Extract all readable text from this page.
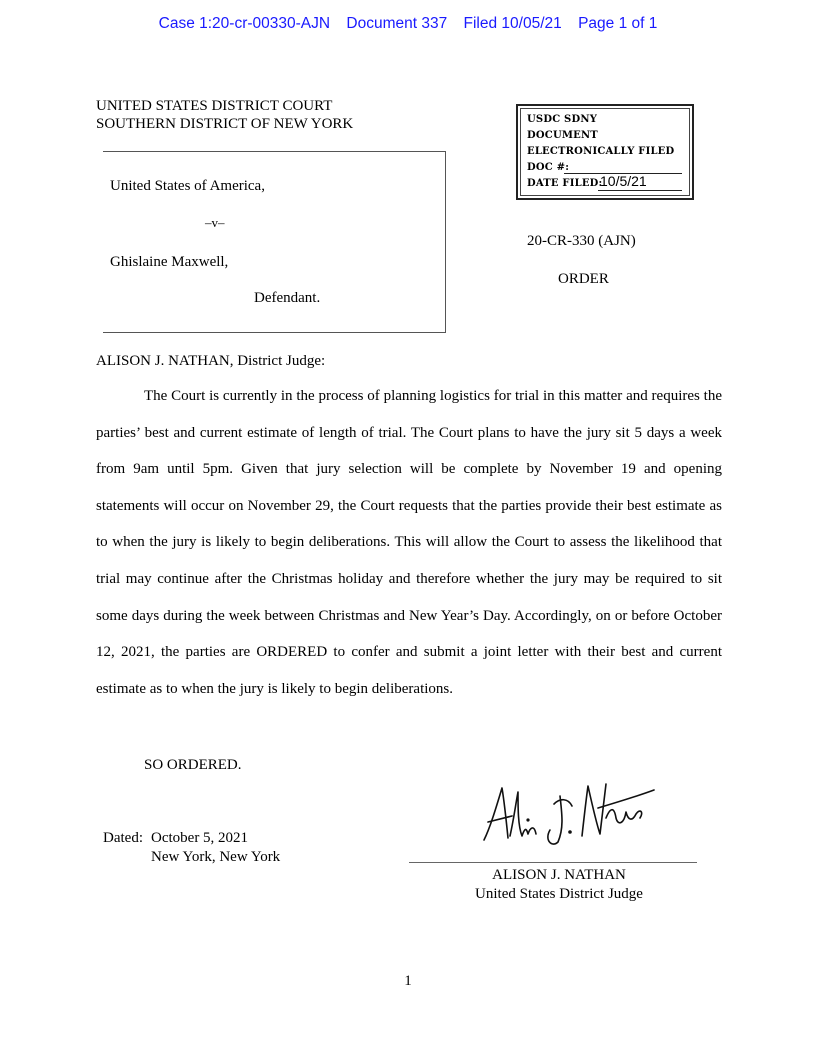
Case 1:20-cr-00330-AJN Document 337 Filed 10/05/21 Page 1 of 1
UNITED STATES DISTRICT COURT
SOUTHERN DISTRICT OF NEW YORK
United States of America,
–v–
Ghislaine Maxwell,
Defendant.
USDC SDNY
DOCUMENT
ELECTRONICALLY FILED
DOC #:
DATE FILED:
10/5/21
20-CR-330 (AJN)
ORDER
ALISON J. NATHAN, District Judge:

The Court is currently in the process of planning logistics for trial in this matter and requires the parties’ best and current estimate of length of trial. The Court plans to have the jury sit 5 days a week from 9am until 5pm. Given that jury selection will be complete by November 19 and opening statements will occur on November 29, the Court requests that the parties provide their best estimate as to when the jury is likely to begin deliberations. This will allow the Court to assess the likelihood that trial may continue after the Christmas holiday and therefore whether the jury may be required to sit some days during the week between Christmas and New Year’s Day. Accordingly, on or before October 12, 2021, the parties are ORDERED to confer and submit a joint letter with their best and current estimate as to when the jury is likely to begin deliberations.

SO ORDERED.
Dated: October 5, 2021
New York, New York
ALISON J. NATHAN
United States District Judge
1
